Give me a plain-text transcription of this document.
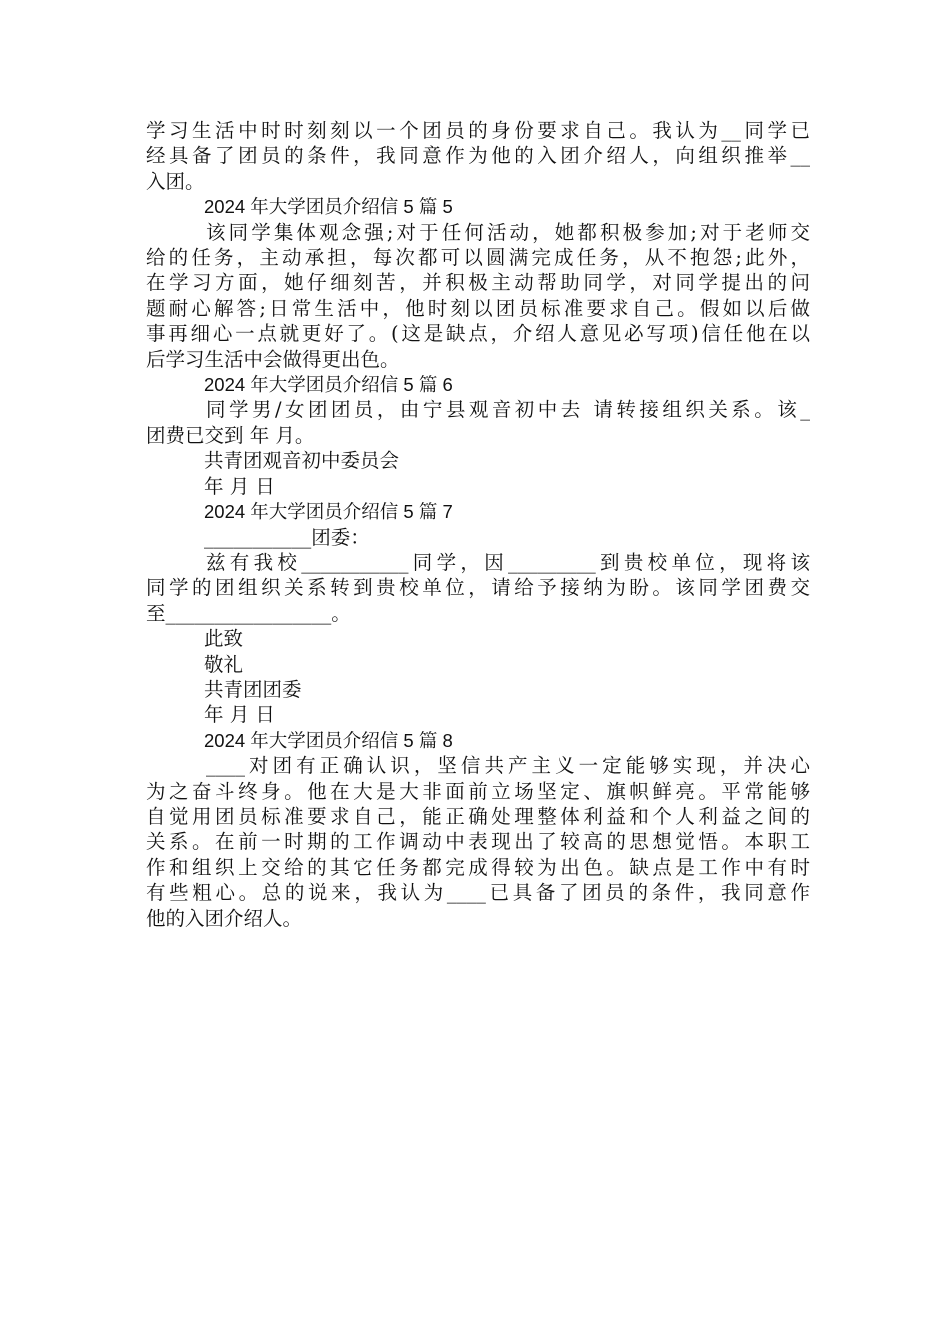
学习生活中时时刻刻以一个团员的身份要求自己。我认为__同学已
经具备了团员的条件，我同意作为他的入团介绍人，向组织推举__
入团。
2024 年大学团员介绍信 5 篇 5
该同学集体观念强;对于任何活动，她都积极参加;对于老师交
给的任务，主动承担，每次都可以圆满完成任务，从不抱怨;此外，
在学习方面，她仔细刻苦，并积极主动帮助同学，对同学提出的问
题耐心解答;日常生活中，他时刻以团员标准要求自己。假如以后做
事再细心一点就更好了。(这是缺点，介绍人意见必写项)信任他在以
后学习生活中会做得更出色。
2024 年大学团员介绍信 5 篇 6
同学男/女团团员，由宁县观音初中去 请转接组织关系。该_
团费已交到 年 月。
共青团观音初中委员会
年 月 日
2024 年大学团员介绍信 5 篇 7
___________团委：
兹有我校___________同学，因_________到贵校单位，现将该
同学的团组织关系转到贵校单位，请给予接纳为盼。该同学团费交
至_________________。
此致
敬礼
共青团团委
年 月 日
2024 年大学团员介绍信 5 篇 8
____对团有正确认识，坚信共产主义一定能够实现，并决心
为之奋斗终身。他在大是大非面前立场坚定、旗帜鲜亮。平常能够
自觉用团员标准要求自己，能正确处理整体利益和个人利益之间的
关系。在前一时期的工作调动中表现出了较高的思想觉悟。本职工
作和组织上交给的其它任务都完成得较为出色。缺点是工作中有时
有些粗心。总的说来，我认为____已具备了团员的条件，我同意作
他的入团介绍人。
